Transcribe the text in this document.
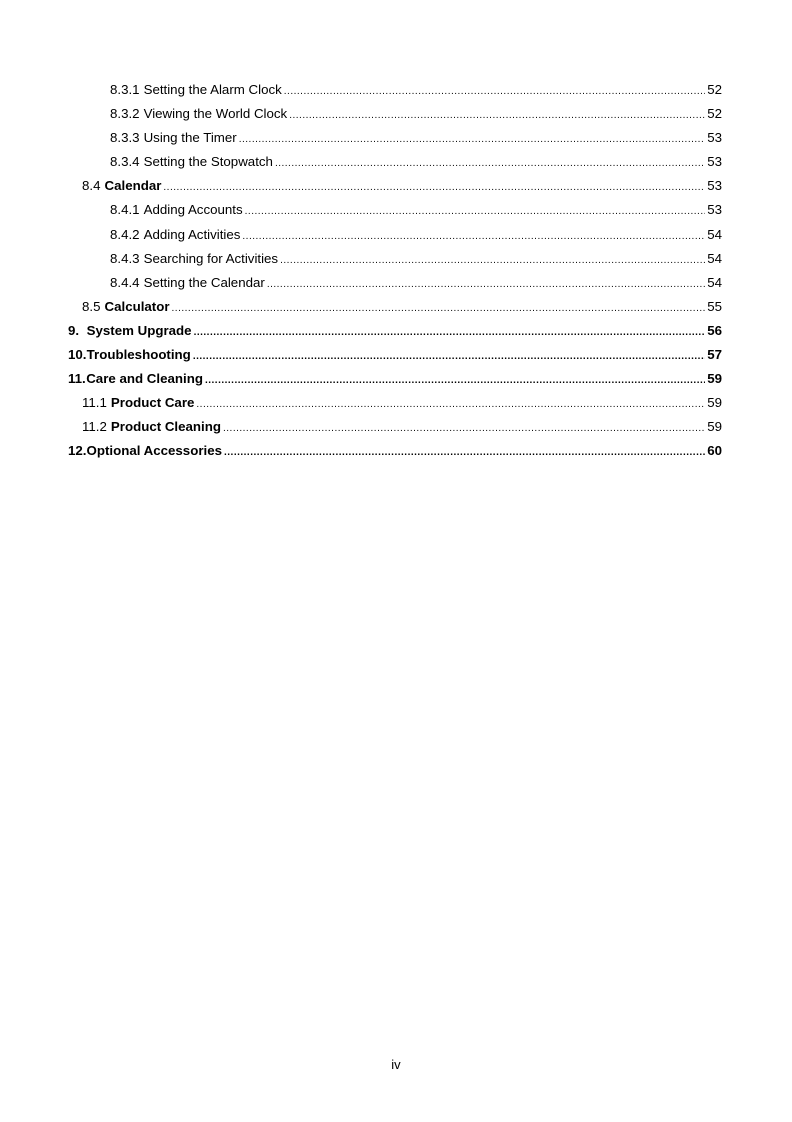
8.3.1 Setting the Alarm Clock .....	52
8.3.2 Viewing the World Clock .....	52
8.3.3 Using the Timer .....	53
8.3.4 Setting the Stopwatch .....	53
8.4 Calendar .....	53
8.4.1 Adding Accounts .....	53
8.4.2 Adding Activities .....	54
8.4.3 Searching for Activities .....	54
8.4.4 Setting the Calendar .....	54
8.5 Calculator .....	55
9. System Upgrade .....	56
10. Troubleshooting .....	57
11. Care and Cleaning .....	59
11.1 Product Care .....	59
11.2 Product Cleaning .....	59
12. Optional Accessories .....	60
iv
